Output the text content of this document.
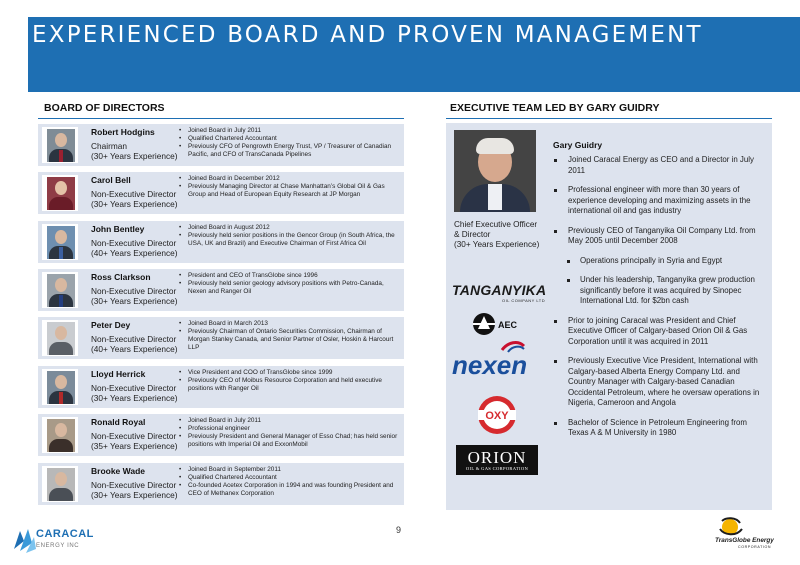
EXPERIENCED BOARD AND PROVEN MANAGEMENT
BOARD OF DIRECTORS	EXECUTIVE TEAM LED BY GARY GUIDRY
Robert Hodgins
Chairman
(30+ Years Experience)
• Joined Board in July 2011
• Qualified Chartered Accountant
• Previously CFO of Pengrowth Energy Trust, VP / Treasurer of Canadian Pacific, and CFO of TransCanada Pipelines
Carol Bell
Non-Executive Director
(30+ Years Experience)
• Joined Board in December 2012
• Previously Managing Director at Chase Manhattan’s Global Oil & Gas Group and Head of European Equity Research at JP Morgan
John Bentley
Non-Executive Director
(40+ Years Experience)
• Joined Board in August 2012
• Previously held senior positions in the Gencor Group (in South Africa, the USA, UK and Brazil) and Executive Chairman of First Africa Oil
Ross Clarkson
Non-Executive Director
(30+ Years Experience)
• President and CEO of TransGlobe since 1996
• Previously held senior geology advisory positions with Petro-Canada, Nexen and Ranger Oil
Peter Dey
Non-Executive Director
(40+ Years Experience)
• Joined Board in March 2013
• Previously Chairman of Ontario Securities Commission, Chairman of Morgan Stanley Canada, and Senior Partner of Osler, Hoskin & Harcourt LLP
Lloyd Herrick
Non-Executive Director
(30+ Years Experience)
• Vice President and COO of TransGlobe since 1999
• Previously CEO of Moibus Resource Corporation and held executive positions with Ranger Oil
Ronald Royal
Non-Executive Director
(35+ Years Experience)
• Joined Board in July 2011
• Professional engineer
• Previously President and General Manager of Esso Chad; has held senior positions with Imperial Oil and ExxonMobil
Brooke Wade
Non-Executive Director
(30+ Years Experience)
• Joined Board in September 2011
• Qualified Chartered Accountant
• Co-founded Acetex Corporation in 1994 and was founding President and CEO of Methanex Corporation
Chief Executive Officer
& Director
(30+ Years Experience)
Gary Guidry
Joined Caracal Energy as CEO and a Director in July 2011
Professional engineer with more than 30 years of experience developing and maximizing assets in the international oil and gas industry
Previously CEO of Tanganyika Oil Company Ltd. from May 2005 until December 2008
Operations principally in Syria and Egypt
Under his leadership, Tanganyika grew production significantly before it was acquired by Sinopec International Ltd. for $2bn cash
Prior to joining Caracal was President and Chief Executive Officer of Calgary-based Orion Oil & Gas Corporation until it was acquired in 2011
Previously Executive Vice President, International with Calgary-based Alberta Energy Company Ltd. and Country Manager with Calgary-based Canadian Occidental Petroleum, where he oversaw operations in Nigeria, Cameroon and Angola
Bachelor of Science in Petroleum Engineering from Texas A & M University in 1980
TANGANYIKA
OIL COMPANY LTD
AEC
nexen
OXY
ORION
OIL & GAS CORPORATION
9
CARACAL
ENERGY INC
TransGlobe Energy
CORPORATION
